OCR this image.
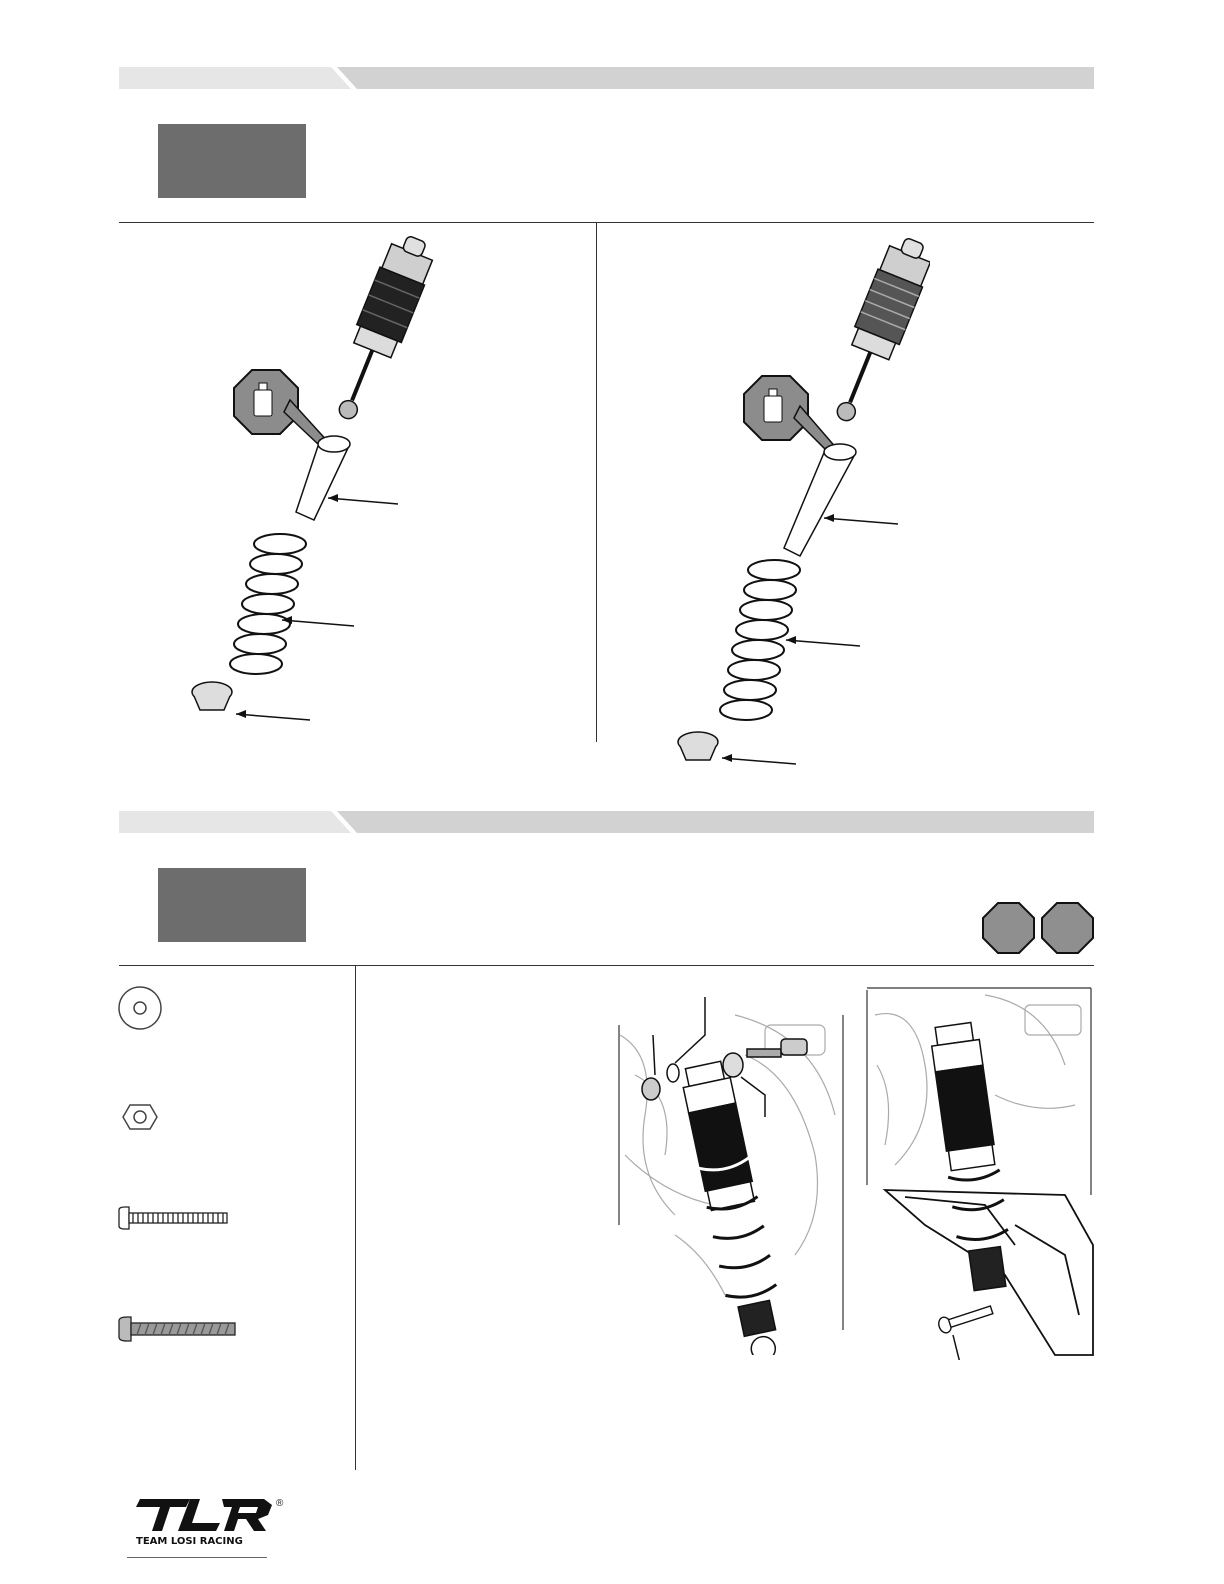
TEAM LOSI RACING
®
